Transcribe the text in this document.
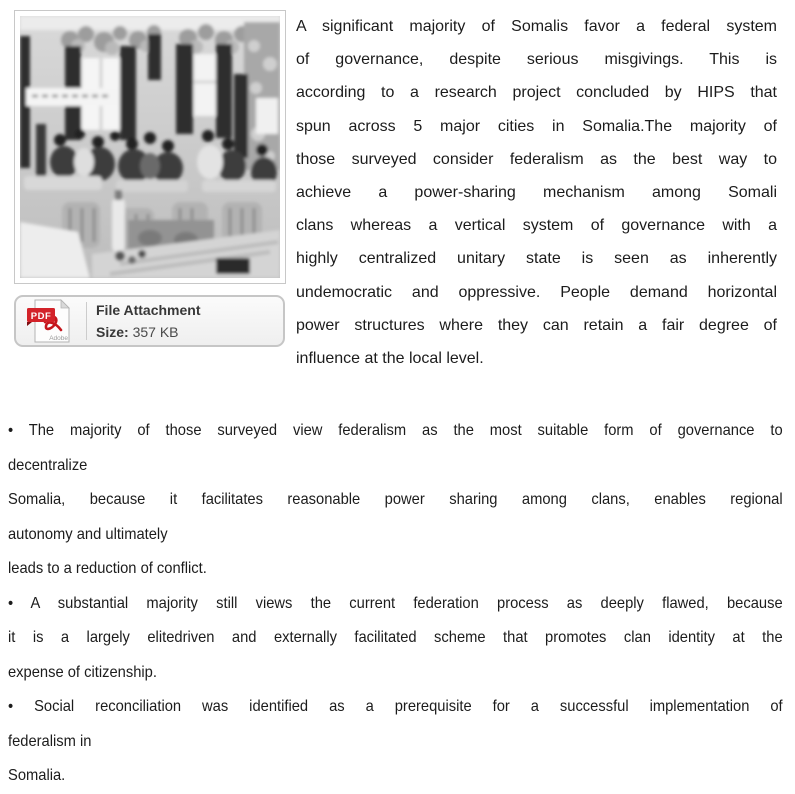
PDF
Adobe
File Attachment
Size: 357 KB
A significant majority of Somalis favor a federal system
of governance, despite serious misgivings. This is
according to a research project concluded by HIPS that
spun across 5 major cities in Somalia.The majority of
those surveyed consider federalism as the best way to
achieve a power-sharing mechanism among Somali
clans whereas a vertical system of governance with a
highly centralized unitary state is seen as inherently
undemocratic and oppressive. People demand horizontal
power structures where they can retain a fair degree of
influence at the local level.
• The majority of those surveyed view federalism as the most suitable form of governance to
decentralize
Somalia, because it facilitates reasonable power sharing among clans, enables regional
autonomy and ultimately
leads to a reduction of conflict.
• A substantial majority still views the current federation process as deeply flawed, because
it is a largely elitedriven and externally facilitated scheme that promotes clan identity at the
expense of citizenship.
• Social reconciliation was identified as a prerequisite for a successful implementation of
federalism in
Somalia.
